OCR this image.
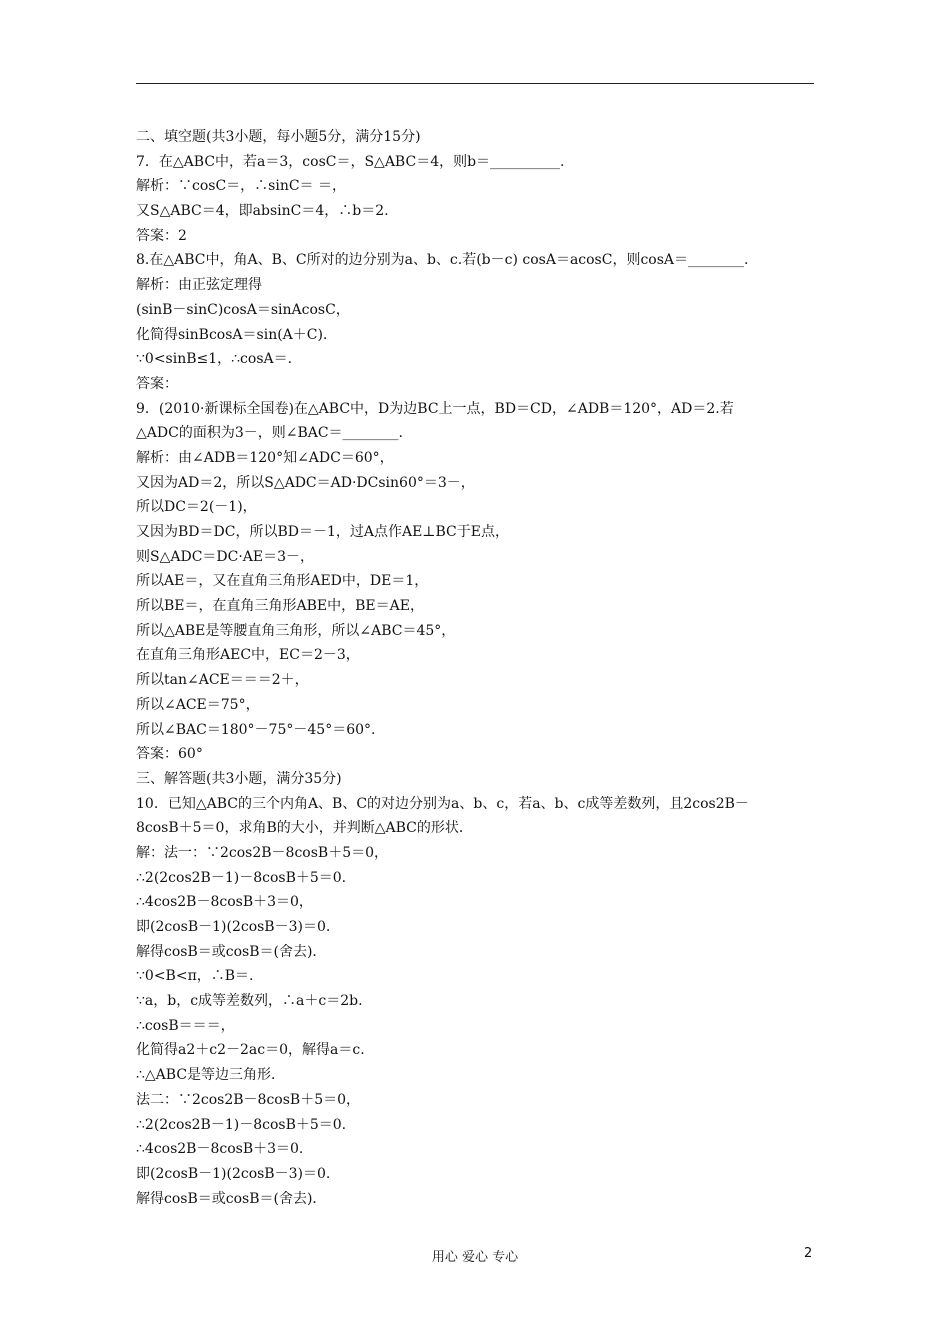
二、填空题(共3小题，每小题5分，满分15分)
7．在△ABC中，若a＝3，cosC＝，S△ABC＝4，则b＝__________.
解析：∵cosC＝，∴sinC＝ ＝，
又S△ABC＝4，即absinC＝4，∴b＝2.
答案：2
8.在△ABC中，角A、B、C所对的边分别为a、b、c.若(b－c) cosA＝acosC，则cosA＝________.
解析：由正弦定理得
(sinB－sinC)cosA＝sinAcosC，
化简得sinBcosA＝sin(A＋C)．
∵0<sinB≤1，∴cosA＝.
答案：
9．(2010·新课标全国卷)在△ABC中，D为边BC上一点，BD＝CD，∠ADB＝120°，AD＝2.若
△ADC的面积为3－，则∠BAC＝________.
解析：由∠ADB＝120°知∠ADC＝60°，
又因为AD＝2，所以S△ADC＝AD·DCsin60°＝3－，
所以DC＝2(－1)，
又因为BD＝DC，所以BD＝－1，过A点作AE⊥BC于E点，
则S△ADC＝DC·AE＝3－，
所以AE＝，又在直角三角形AED中，DE＝1，
所以BE＝，在直角三角形ABE中，BE＝AE，
所以△ABE是等腰直角三角形，所以∠ABC＝45°，
在直角三角形AEC中，EC＝2－3，
所以tan∠ACE＝＝＝2＋，
所以∠ACE＝75°，
所以∠BAC＝180°－75°－45°＝60°.
答案：60°
三、解答题(共3小题，满分35分)
10．已知△ABC的三个内角A、B、C的对边分别为a、b、c，若a、b、c成等差数列，且2cos2B－
8cosB＋5＝0，求角B的大小，并判断△ABC的形状．
解：法一：∵2cos2B－8cosB＋5＝0，
∴2(2cos2B－1)－8cosB＋5＝0.
∴4cos2B－8cosB＋3＝0，
即(2cosB－1)(2cosB－3)＝0.
解得cosB＝或cosB＝(舍去)．
∵0<B<π，∴B＝.
∵a，b，c成等差数列，∴a＋c＝2b.
∴cosB＝＝＝，
化简得a2＋c2－2ac＝0，解得a＝c.
∴△ABC是等边三角形．
法二：∵2cos2B－8cosB＋5＝0，
∴2(2cos2B－1)－8cosB＋5＝0.
∴4cos2B－8cosB＋3＝0.
即(2cosB－1)(2cosB－3)＝0.
解得cosB＝或cosB＝(舍去)．
用心 爱心 专心	2
